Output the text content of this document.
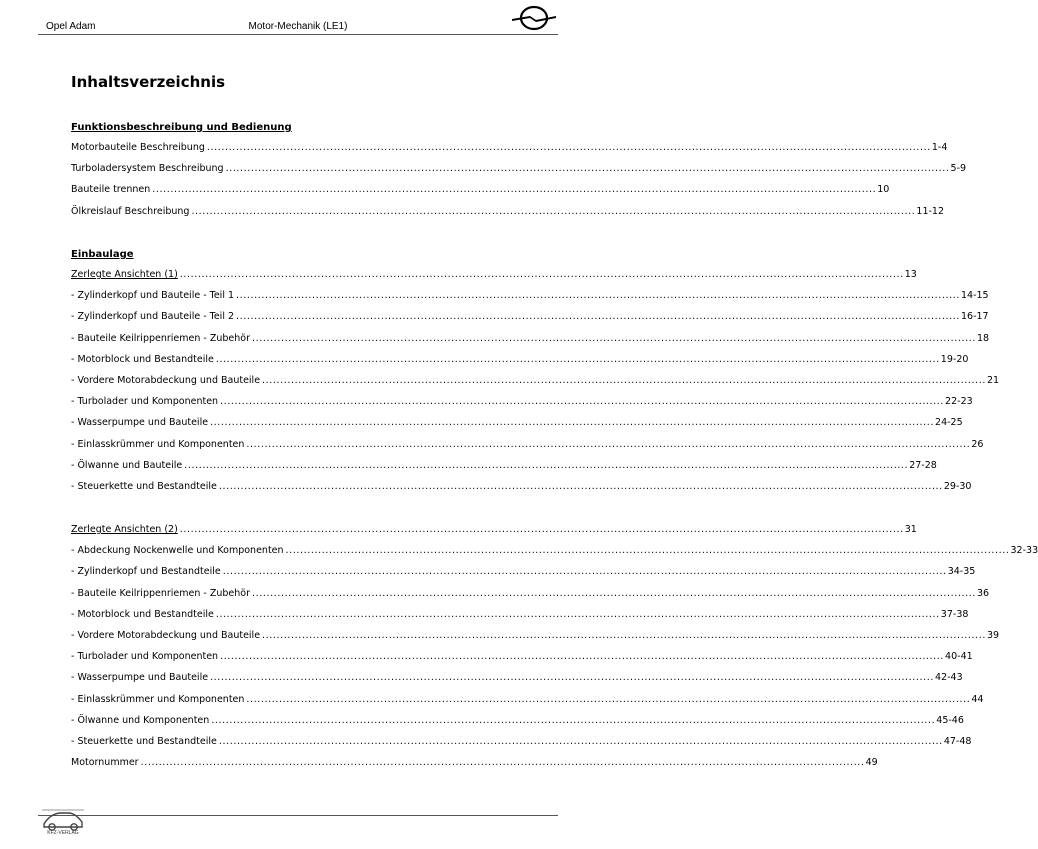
Opel Adam	Motor-Mechanik (LE1)
Inhaltsverzeichnis
Funktionsbeschreibung und Bedienung
Einbaulage
Motorbauteile Beschreibung ........................................................................................................................................................................................................ 1-4
Turboladersystem Beschreibung ........................................................................................................................................................................................................ 5-9
Bauteile trennen ........................................................................................................................................................................................................ 10
Ölkreislauf Beschreibung ........................................................................................................................................................................................................ 11-12
Zerlegte Ansichten (1) ........................................................................................................................................................................................................ 13
- Zylinderkopf und Bauteile - Teil 1 ........................................................................................................................................................................................................ 14-15
- Zylinderkopf und Bauteile - Teil 2 ........................................................................................................................................................................................................ 16-17
- Bauteile Keilrippenriemen - Zubehör ........................................................................................................................................................................................................ 18
- Motorblock und Bestandteile ........................................................................................................................................................................................................ 19-20
- Vordere Motorabdeckung und Bauteile ........................................................................................................................................................................................................ 21
- Turbolader und Komponenten ........................................................................................................................................................................................................ 22-23
- Wasserpumpe und Bauteile ........................................................................................................................................................................................................ 24-25
- Einlasskrümmer und Komponenten ........................................................................................................................................................................................................ 26
- Ölwanne und Bauteile ........................................................................................................................................................................................................ 27-28
- Steuerkette und Bestandteile ........................................................................................................................................................................................................ 29-30
Zerlegte Ansichten (2) ........................................................................................................................................................................................................ 31
- Abdeckung Nockenwelle und Komponenten ........................................................................................................................................................................................................ 32-33
- Zylinderkopf und Bestandteile ........................................................................................................................................................................................................ 34-35
- Bauteile Keilrippenriemen - Zubehör ........................................................................................................................................................................................................ 36
- Motorblock und Bestandteile ........................................................................................................................................................................................................ 37-38
- Vordere Motorabdeckung und Bauteile ........................................................................................................................................................................................................ 39
- Turbolader und Komponenten ........................................................................................................................................................................................................ 40-41
- Wasserpumpe und Bauteile ........................................................................................................................................................................................................ 42-43
- Einlasskrümmer und Komponenten ........................................................................................................................................................................................................ 44
- Ölwanne und Komponenten ........................................................................................................................................................................................................ 45-46
- Steuerkette und Bestandteile ........................................................................................................................................................................................................ 47-48
Motornummer ........................................................................................................................................................................................................ 49
KFZ-VERLAG
